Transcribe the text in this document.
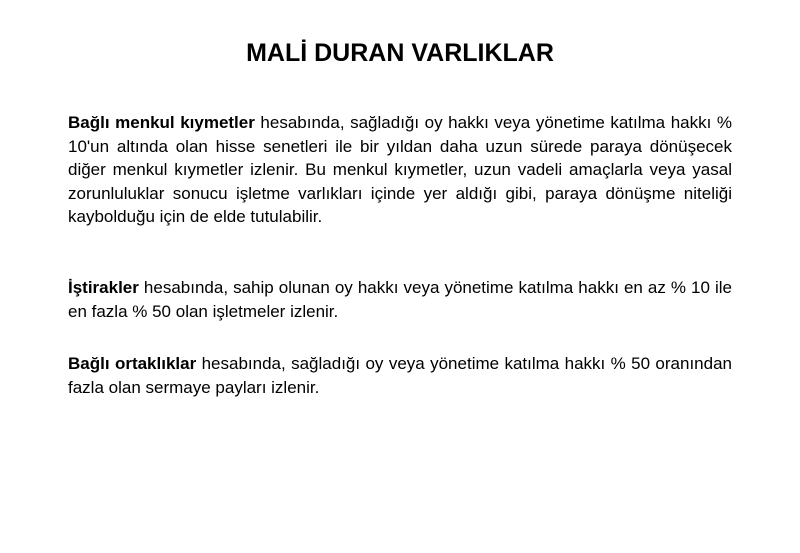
MALİ DURAN VARLIKLAR

Bağlı menkul kıymetler hesabında, sağladığı oy hakkı veya yönetime katılma hakkı % 10'un altında olan hisse senetleri ile bir yıldan daha uzun sürede paraya dönüşecek diğer menkul kıymetler izlenir. Bu menkul kıymetler, uzun vadeli amaçlarla veya yasal zorunluluklar sonucu işletme varlıkları içinde yer aldığı gibi, paraya dönüşme niteliği kaybolduğu için de elde tutulabilir.

İştirakler hesabında, sahip olunan oy hakkı veya yönetime katılma hakkı en az % 10 ile en fazla % 50 olan işletmeler izlenir.

Bağlı ortaklıklar hesabında, sağladığı oy veya yönetime katılma hakkı % 50 oranından fazla olan sermaye payları izlenir.
